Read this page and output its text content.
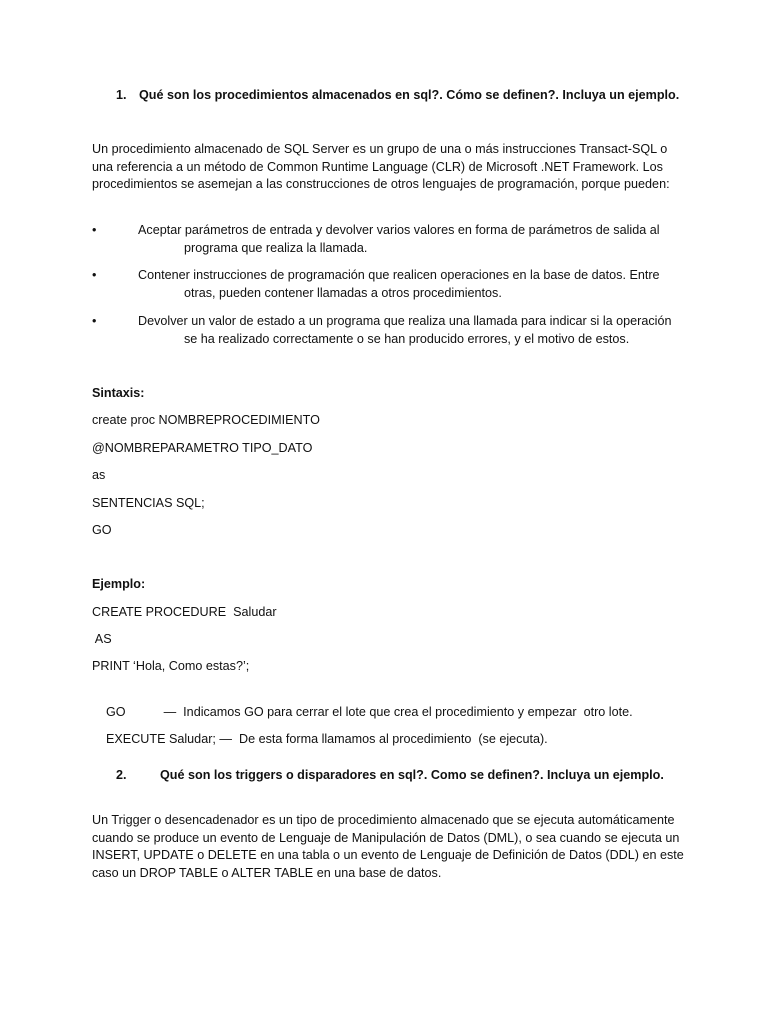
1. Qué son los procedimientos almacenados en sql?. Cómo se definen?. Incluya un ejemplo.

Un procedimiento almacenado de SQL Server es un grupo de una o más instrucciones Transact-SQL o una referencia a un método de Common Runtime Language (CLR) de Microsoft .NET Framework. Los procedimientos se asemejan a las construcciones de otros lenguajes de programación, porque pueden:

•	Aceptar parámetros de entrada y devolver varios valores en forma de parámetros de salida al programa que realiza la llamada.
•	Contener instrucciones de programación que realicen operaciones en la base de datos. Entre otras, pueden contener llamadas a otros procedimientos.
•	Devolver un valor de estado a un programa que realiza una llamada para indicar si la operación se ha realizado correctamente o se han producido errores, y el motivo de estos.
Sintaxis:
create proc NOMBREPROCEDIMIENTO
@NOMBREPARAMETRO TIPO_DATO
as
SENTENCIAS SQL;
GO
Ejemplo:
CREATE PROCEDURE  Saludar
AS
PRINT ‘Hola, Como estas?’;

GO	—  Indicamos GO para cerrar el lote que crea el procedimiento y empezar  otro lote.

EXECUTE Saludar; —  De esta forma llamamos al procedimiento  (se ejecuta).

2.	Qué son los triggers o disparadores en sql?. Como se definen?. Incluya un ejemplo.

Un Trigger o desencadenador es un tipo de procedimiento almacenado que se ejecuta automáticamente cuando se produce un evento de Lenguaje de Manipulación de Datos (DML), o sea cuando se ejecuta un INSERT, UPDATE o DELETE en una tabla o un evento de Lenguaje de Definición de Datos (DDL) en este caso un DROP TABLE o ALTER TABLE en una base de datos.
